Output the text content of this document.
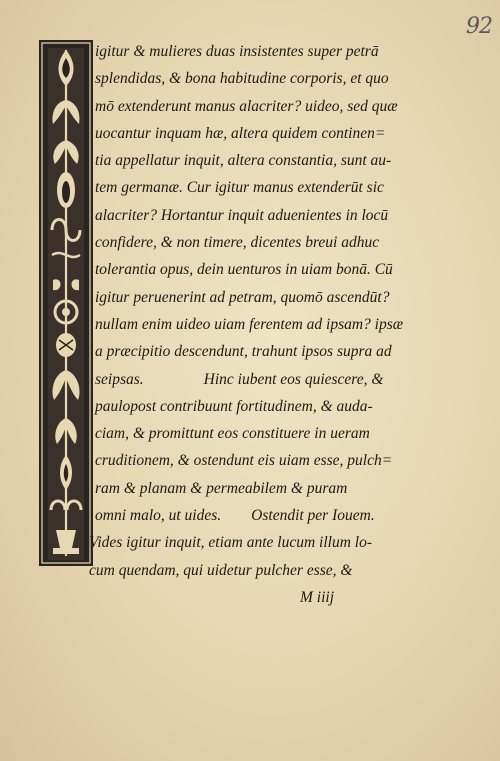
92
igitur & mulieres duas insistentes super petrā
splendidas, & bona habitudine corporis, et quo
mō extenderunt manus alacriter? uideo, sed quæ
uocantur inquam hæ, altera quidem continen=
tia appellatur inquit, altera constantia, sunt au-
tem germanæ. Cur igitur manus extenderūt sic
alacriter? Hortantur inquit aduenientes in locū
confidere, & non timere, dicentes breui adhuc
tolerantia opus, dein uenturos in uiam bonā. Cū
igitur peruenerint ad petram, quomō ascendūt?
nullam enim uideo uiam ferentem ad ipsam? ipsæ
a præcipitio descendunt, trahunt ipsos supra ad
seipsas.	Hinc iubent eos quiescere, &
paulopost contribuunt fortitudinem, & auda-
ciam, & promittunt eos constituere in ueram
cruditionem, & ostendunt eis uiam esse, pulch=
ram & planam & permeabilem & puram
omni malo, ut uides. Ostendit per Iouem.
Vides igitur inquit, etiam ante lucum illum lo-
cum quendam, qui uidetur pulcher esse, &
M iiij
